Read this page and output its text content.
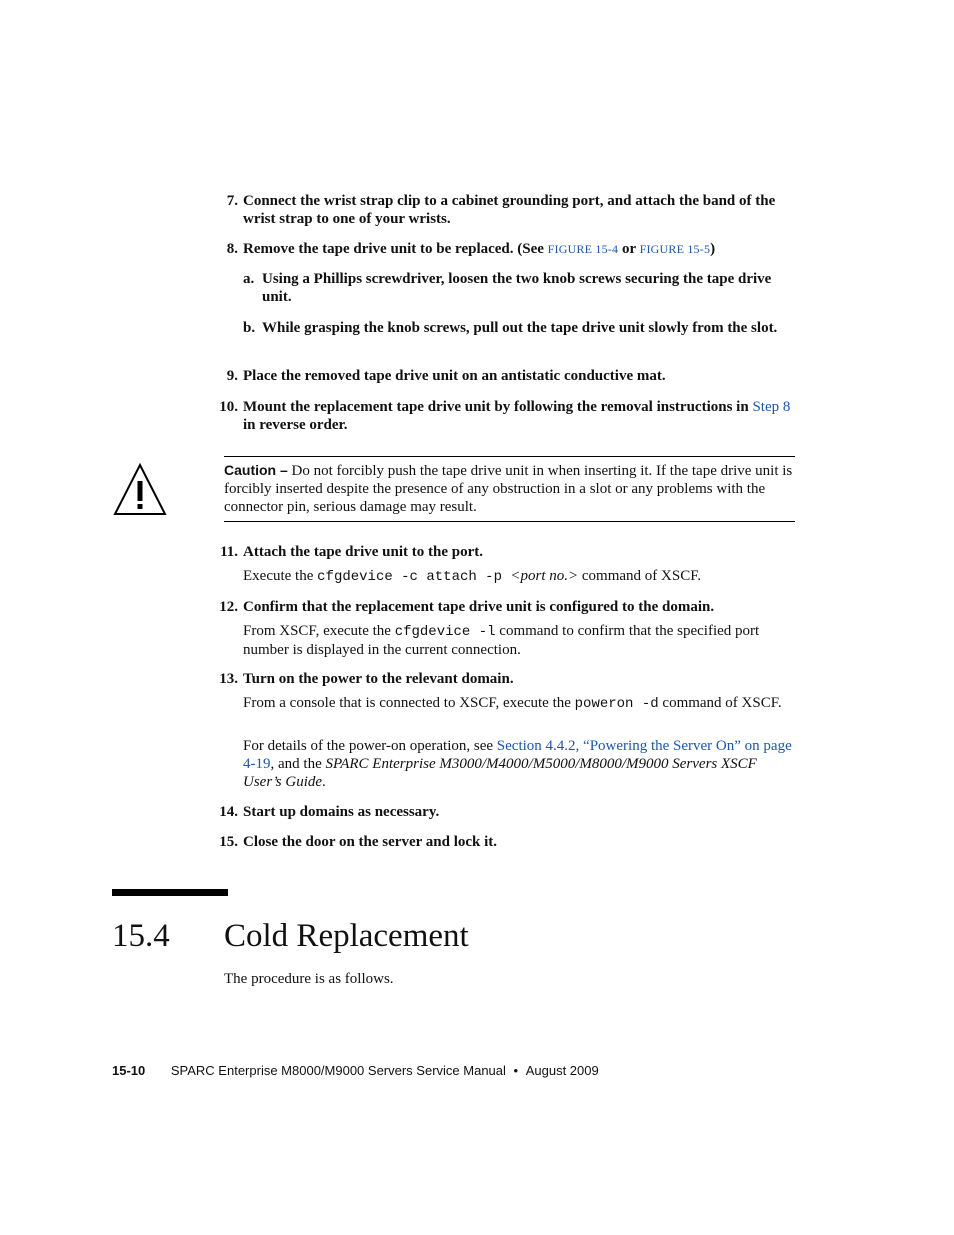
7. Connect the wrist strap clip to a cabinet grounding port, and attach the band of the wrist strap to one of your wrists.
8. Remove the tape drive unit to be replaced. (See FIGURE 15-4 or FIGURE 15-5)
a. Using a Phillips screwdriver, loosen the two knob screws securing the tape drive unit.
b. While grasping the knob screws, pull out the tape drive unit slowly from the slot.
9. Place the removed tape drive unit on an antistatic conductive mat.
10. Mount the replacement tape drive unit by following the removal instructions in Step 8 in reverse order.
Caution – Do not forcibly push the tape drive unit in when inserting it. If the tape drive unit is forcibly inserted despite the presence of any obstruction in a slot or any problems with the connector pin, serious damage may result.
11. Attach the tape drive unit to the port.
Execute the cfgdevice -c attach -p <port no.> command of XSCF.
12. Confirm that the replacement tape drive unit is configured to the domain.
From XSCF, execute the cfgdevice -l command to confirm that the specified port number is displayed in the current connection.
13. Turn on the power to the relevant domain.
From a console that is connected to XSCF, execute the poweron -d command of XSCF.
For details of the power-on operation, see Section 4.4.2, “Powering the Server On” on page 4-19, and the SPARC Enterprise M3000/M4000/M5000/M8000/M9000 Servers XSCF User’s Guide.
14. Start up domains as necessary.
15. Close the door on the server and lock it.
15.4 Cold Replacement
The procedure is as follows.
15-10 SPARC Enterprise M8000/M9000 Servers Service Manual • August 2009
